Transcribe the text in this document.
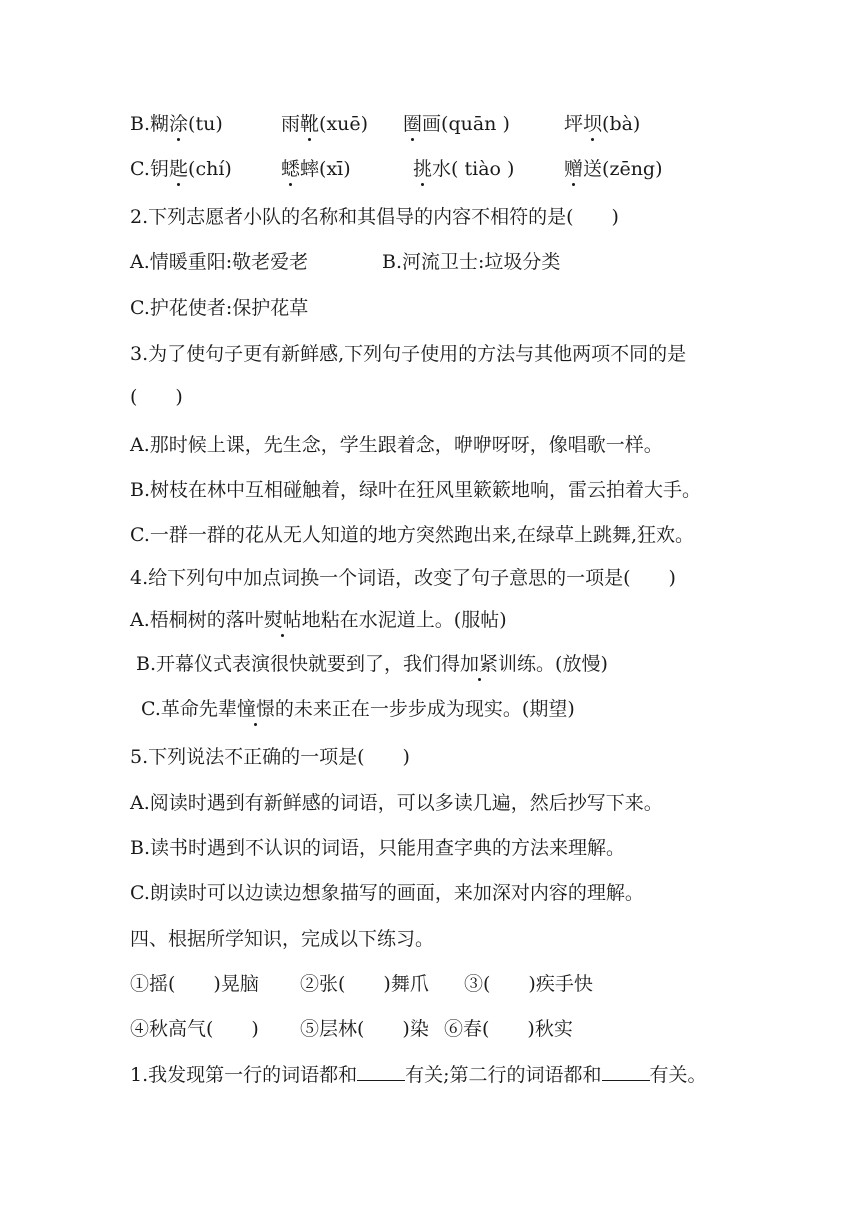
B. 糊涂(tu)	雨靴(xuē) 圈画(quān )	坪坝(bà)
C. 钥匙(chí)	蟋蟀(xī)	挑水( tiào )	赠送(zēng)
2.下列志愿者小队的名称和其倡导的内容不相符的是(　　)
A.情暖重阳:敬老爱老	B.河流卫士:垃圾分类
C.护花使者:保护花草
3.为了使句子更有新鲜感,下列句子使用的方法与其他两项不同的是
(　　)
A.那时候上课，先生念，学生跟着念，咿咿呀呀，像唱歌一样。
B.树枝在林中互相碰触着，绿叶在狂风里簌簌地响，雷云拍着大手。
C.一群一群的花从无人知道的地方突然跑出来,在绿草上跳舞,狂欢。
4.给下列句中加点词换一个词语，改变了句子意思的一项是(　　)
A.梧桐树的落叶熨帖地粘在水泥道上。(服帖)
B.开幕仪式表演很快就要到了，我们得加紧训练。(放慢)
C.革命先辈憧憬的未来正在一步步成为现实。(期望)
5.下列说法不正确的一项是(　　)
A.阅读时遇到有新鲜感的词语，可以多读几遍，然后抄写下来。
B.读书时遇到不认识的词语，只能用查字典的方法来理解。
C.朗读时可以边读边想象描写的画面，来加深对内容的理解。
四、根据所学知识，完成以下练习。
①摇(　　)晃脑 ②张(　　)舞爪 ③(　　)疾手快
④秋高气(　　) ⑤层林(　　)染 ⑥春(　　)秋实
1.我发现第一行的词语都和	有关;第二行的词语都和	有关。
